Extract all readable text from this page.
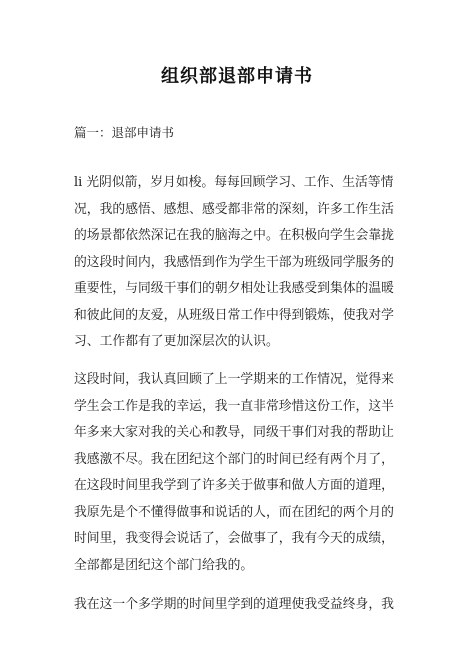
组织部退部申请书
篇一：退部申请书
li 光阴似箭，岁月如梭。每每回顾学习、工作、生活等情
况，我的感悟、感想、感受都非常的深刻，许多工作生活
的场景都依然深记在我的脑海之中。在积极向学生会靠拢
的这段时间内，我感悟到作为学生干部为班级同学服务的
重要性，与同级干事们的朝夕相处让我感受到集体的温暖
和彼此间的友爱，从班级日常工作中得到锻炼，使我对学
习、工作都有了更加深层次的认识。
这段时间，我认真回顾了上一学期来的工作情况，觉得来
学生会工作是我的幸运，我一直非常珍惜这份工作，这半
年多来大家对我的关心和教导，同级干事们对我的帮助让
我感激不尽。我在团纪这个部门的时间已经有两个月了，
在这段时间里我学到了许多关于做事和做人方面的道理，
我原先是个不懂得做事和说话的人，而在团纪的两个月的
时间里，我变得会说话了，会做事了，我有今天的成绩，
全部都是团纪这个部门给我的。
我在这一个多学期的时间里学到的道理使我受益终身，我
